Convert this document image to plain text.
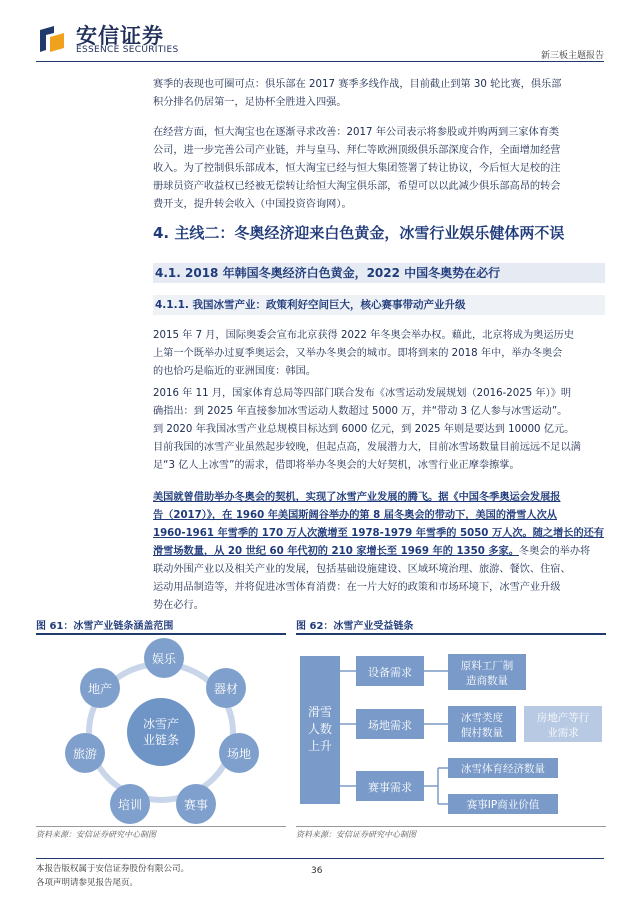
安信证券
ESSENCE SECURITIES
新三板主题报告
赛季的表现也可圈可点：俱乐部在 2017 赛季多线作战，目前截止到第 30 轮比赛，俱乐部
积分排名仍居第一，足协杯全胜进入四强。
在经营方面，恒大淘宝也在逐渐寻求改善：2017 年公司表示将参股或并购两到三家体育类
公司，进一步完善公司产业链，并与皇马、拜仁等欧洲顶级俱乐部深度合作，全面增加经营
收入。为了控制俱乐部成本，恒大淘宝已经与恒大集团签署了转让协议，今后恒大足校的注
册球员资产收益权已经被无偿转让给恒大淘宝俱乐部，希望可以以此减少俱乐部高昂的转会
费开支，提升转会收入（中国投资咨询网）。
4. 主线二：冬奥经济迎来白色黄金，冰雪行业娱乐健体两不误
4.1. 2018 年韩国冬奥经济白色黄金，2022 中国冬奥势在必行
4.1.1. 我国冰雪产业：政策利好空间巨大，核心赛事带动产业升级
2015 年 7 月，国际奥委会宣布北京获得 2022 年冬奥会举办权。藉此，北京将成为奥运历史
上第一个既举办过夏季奥运会，又举办冬奥会的城市。即将到来的 2018 年中，举办冬奥会
的也恰巧是临近的亚洲国度：韩国。
2016 年 11 月，国家体育总局等四部门联合发布《冰雪运动发展规划（2016-2025 年）》明
确指出：到 2025 年直接参加冰雪运动人数超过 5000 万，并“带动 3 亿人参与冰雪运动”。
到 2020 年我国冰雪产业总规模目标达到 6000 亿元，到 2025 年则是要达到 10000 亿元。
目前我国的冰雪产业虽然起步较晚，但起点高，发展潜力大，目前冰雪场数量目前远远不足以满
足“3 亿人上冰雪”的需求，借即将举办冬奥会的大好契机，冰雪行业正摩拳擦掌。
美国就曾借助举办冬奥会的契机，实现了冰雪产业发展的腾飞。据《中国冬季奥运会发展报
告（2017）》，在 1960 年美国斯阔谷举办的第 8 届冬奥会的带动下，美国的滑雪人次从
1960-1961 年雪季的 170 万人次激增至 1978-1979 年雪季的 5050 万人次。随之增长的还有
滑雪场数量，从 20 世纪 60 年代初的 210 家增长至 1969 年的 1350 多家。冬奥会的举办将
联动外围产业以及相关产业的发展，包括基础设施建设、区域环境治理、旅游、餐饮、住宿、
运动用品制造等，并将促进冰雪体育消费：在一片大好的政策和市场环境下，冰雪产业升级
势在必行。
图 61：冰雪产业链条涵盖范围
冰雪产
业链条
娱乐
器材
场地
赛事
培训
旅游
地产
资料来源：安信证券研究中心制图
图 62：冰雪产业受益链条
滑雪
人数
上升
设备需求
场地需求
赛事需求
原料工厂制
造商数量
冰雪类度
假村数量
房地产等行
业需求
冰雪体育经济数量
赛事IP商业价值
资料来源：安信证券研究中心制图
本报告版权属于安信证券股份有限公司。
各项声明请参见报告尾页。
36
